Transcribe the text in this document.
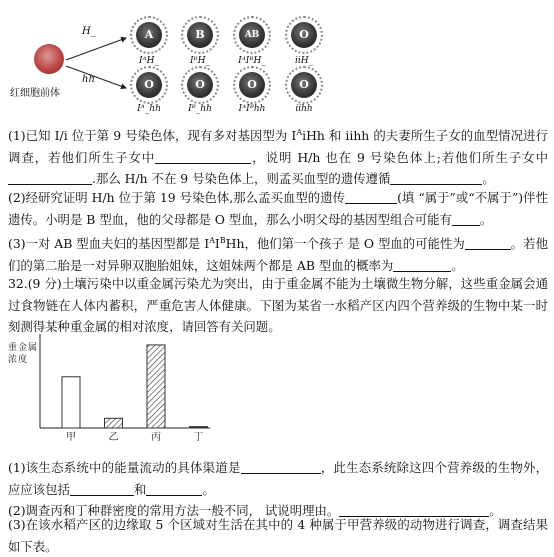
红细胞前体
H_
hh
A	B	AB	O
IᴬH_	IᴮH_	IᴬIᴮH_	iiH_
O	O	O	O
Iᴬ_hh	Iᴮ_hh	IᴬIᴮhh	iihh
(1)已知 I/i 位于第 9 号染色体，现有多对基因型为 $I^AiHh$ 和 iihh 的夫妻所生子女的血型情况进行调查，若他们所生子女中	，说明 H/h 也在 9 号染色体上;若他们所生子女中.那么 H/h 不在 9 号染色体上，则孟买血型的遗传遵循	。
(2)经研究证明 H/h 位于第 19 号染色体,那么孟买血型的遗传	(填 “属于”或“不属于”)伴性遗传。小明是 B 型血，他的父母都是 O 型血，那么小明父母的基因型组合可能有 。
(3)一对 AB 型血夫妇的基因型都是 $I^AI^BHh$，他们第一个孩子 是 O 型血的可能性为	。若他们的第二胎是一对异卵双胞胎姐妹，这姐妹两个都是 AB 型血的概率为	。
32.(9 分)土壤污染中以重金属污染尤为突出，由于重金属不能为土壤微生物分解，这些重金属会通过食物链在人体内蓄积，严重危害人体健康。下图为某省一水稻产区内四个营养级的生物中某一时刻测得某种重金属的相对浓度，请回答有关问题。
重金属浓度
甲	乙	丙	丁
(1)该生态系统中的能量流动的具体渠道是	，此生态系统除这四个营养级的生物外，应应该包括	和	。
(2)调查丙和丁种群密度的常用方法一般不同， 试说明理由。	。
(3)在该水稻产区的边缘取 5 个区域对生活在其中的 4 种属于甲营养级的动物进行调查，调查结果如下表。
